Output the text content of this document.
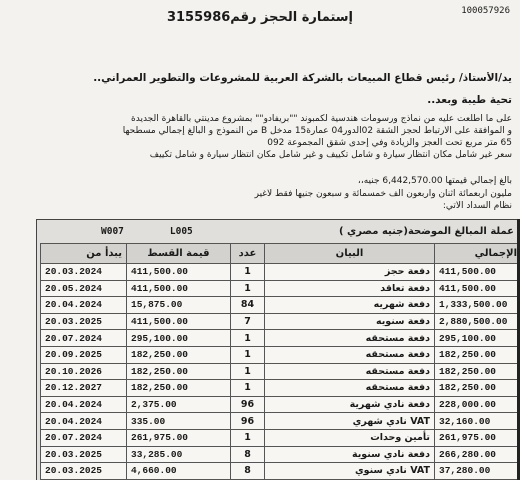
100057926
إستمارة الحجز رقم3155986
يد/الأستاذ/ رئيس قطاع المبيعات بالشركة العربية للمشروعات والتطوير العمراني..
تحية طيبة وبعد..
على ما اطلعت عليه من نماذج ورسومات هندسية لكمبوند ""بريفادو"" بمشروع مدينتي بالقاهرة الجديدة
و الموافقة على الارتباط لحجز الشقة 02الدور04 عمارة15 مدخل B من النموذج و البالغ إجمالي مسطحها
65 متر مربع تحت العجز والزيادة وفي إحدى شقق المجموعة 092
سعر غير شامل مكان انتظار سيارة و شامل تكييف و غير شامل مكان انتظار سيارة و شامل تكييف
بالغ إجمالي قيمتها 6,442,570.00 جنيه،،
مليون أربعمائة اثنان وأربعون ألف خمسمائة و سبعون جنيها فقط لاغير
نظام السداد الآتي:
W007	L005	عملة المبالغ الموضحة(جنيه مصري )
يبدأ من	قيمة القسط	عدد	البيان	الإجمالي
20.03.2024	411,500.00	1	دفعة حجز	411,500.00
20.05.2024	411,500.00	1	دفعة تعاقد	411,500.00
20.04.2024	15,875.00	84	دفعة شهريه	1,333,500.00
20.03.2025	411,500.00	7	دفعة سنويه	2,880,500.00
20.07.2024	295,100.00	1	دفعة مستحقه	295,100.00
20.09.2025	182,250.00	1	دفعة مستحقه	182,250.00
20.10.2026	182,250.00	1	دفعة مستحقه	182,250.00
20.12.2027	182,250.00	1	دفعة مستحقه	182,250.00
20.04.2024	2,375.00	96	دفعة نادي شهرية	228,000.00
20.04.2024	335.00	96	VAT نادي شهري	32,160.00
20.07.2024	261,975.00	1	تأمين وحدات	261,975.00
20.03.2025	33,285.00	8	دفعة نادي سنوية	266,280.00
20.03.2025	4,660.00	8	VAT نادي سنوي	37,280.00
